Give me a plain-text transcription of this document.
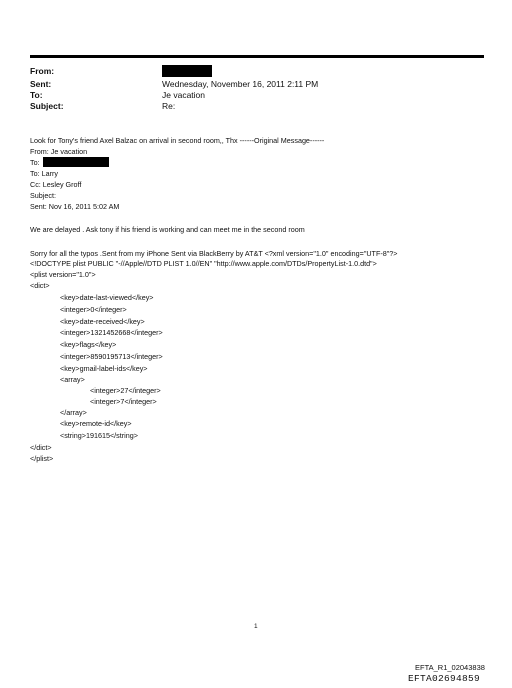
From:
Sent:	Wednesday, November 16, 2011 2:11 PM
To:	Je vacation
Subject:	Re:
Look for Tony's friend Axel Balzac on arrival in second room,, Thx ------Original Message------
From: Je vacation
To:
To: Larry
Cc: Lesley Groff
Subject:
Sent: Nov 16, 2011 5:02 AM
We are delayed . Ask tony if his friend is working and can meet me in the second room
Sorry for all the typos .Sent from my iPhone Sent via BlackBerry by AT&T <?xml version="1.0" encoding="UTF-8"?>
<!DOCTYPE plist PUBLIC "-//Apple//DTD PLIST 1.0//EN" "http://www.apple.com/DTDs/PropertyList-1.0.dtd">
<plist version="1.0">
<dict>
<key>date-last-viewed</key>
<integer>0</integer>
<key>date-received</key>
<integer>1321452668</integer>
<key>flags</key>
<integer>8590195713</integer>
<key>gmail-label-ids</key>
<array>
<integer>27</integer>
<integer>7</integer>
</array>
<key>remote-id</key>
<string>191615</string>
</dict>
</plist>
1
EFTA_R1_02043838
EFTA02694859
